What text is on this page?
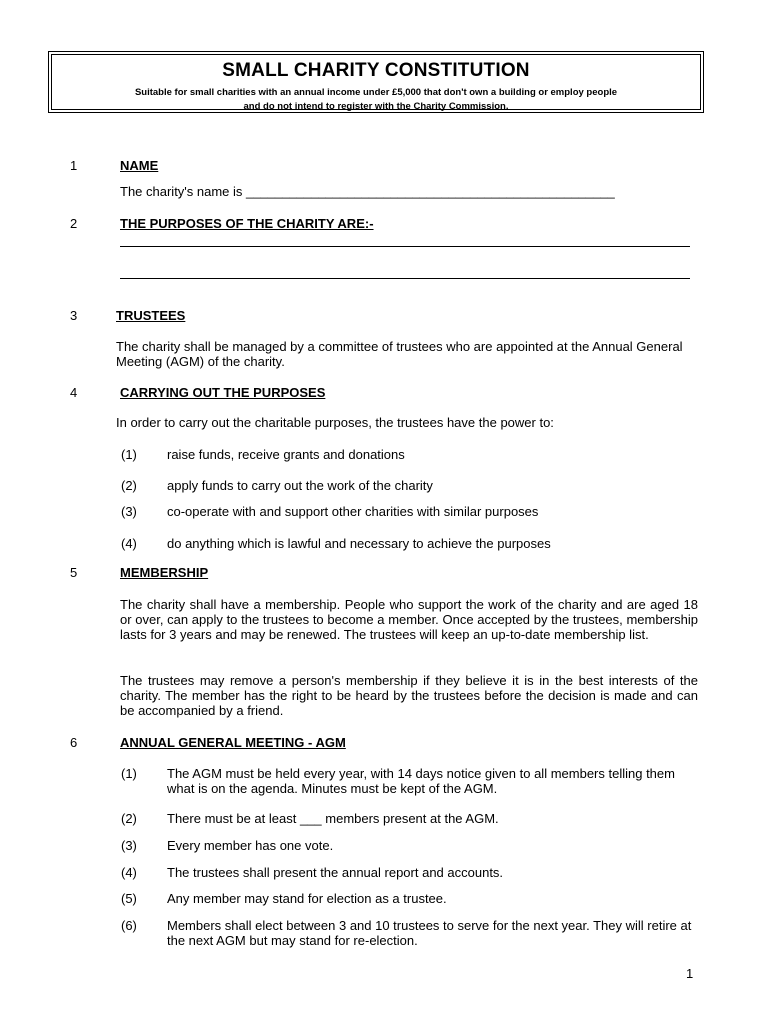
SMALL CHARITY CONSTITUTION
Suitable for small charities with an annual income under £5,000 that don't own a building or employ people
and do not intend to register with the Charity Commission.
1	NAME
The charity's name is ___________________________________________________
2	THE PURPOSES OF THE CHARITY ARE:-
3	TRUSTEES
The charity shall be managed by a committee of trustees who are appointed at the Annual General Meeting (AGM) of the charity.
4	CARRYING OUT THE PURPOSES
In order to carry out the charitable purposes, the trustees have the power to:
(1) raise funds, receive grants and donations
(2) apply funds to carry out the work of the charity
(3) co-operate with and support other charities with similar purposes
(4) do anything which is lawful and necessary to achieve the purposes
5	MEMBERSHIP
The charity shall have a membership. People who support the work of the charity and are aged 18 or over, can apply to the trustees to become a member. Once accepted by the trustees, membership lasts for 3 years and may be renewed. The trustees will keep an up-to-date membership list.
The trustees may remove a person's membership if they believe it is in the best interests of the charity. The member has the right to be heard by the trustees before the decision is made and can be accompanied by a friend.
6	ANNUAL GENERAL MEETING - AGM
(1) The AGM must be held every year, with 14 days notice given to all members telling them what is on the agenda. Minutes must be kept of the AGM.
(2) There must be at least ___ members present at the AGM.
(3) Every member has one vote.
(4) The trustees shall present the annual report and accounts.
(5) Any member may stand for election as a trustee.
(6) Members shall elect between 3 and 10 trustees to serve for the next year. They will retire at the next AGM but may stand for re-election.
1
